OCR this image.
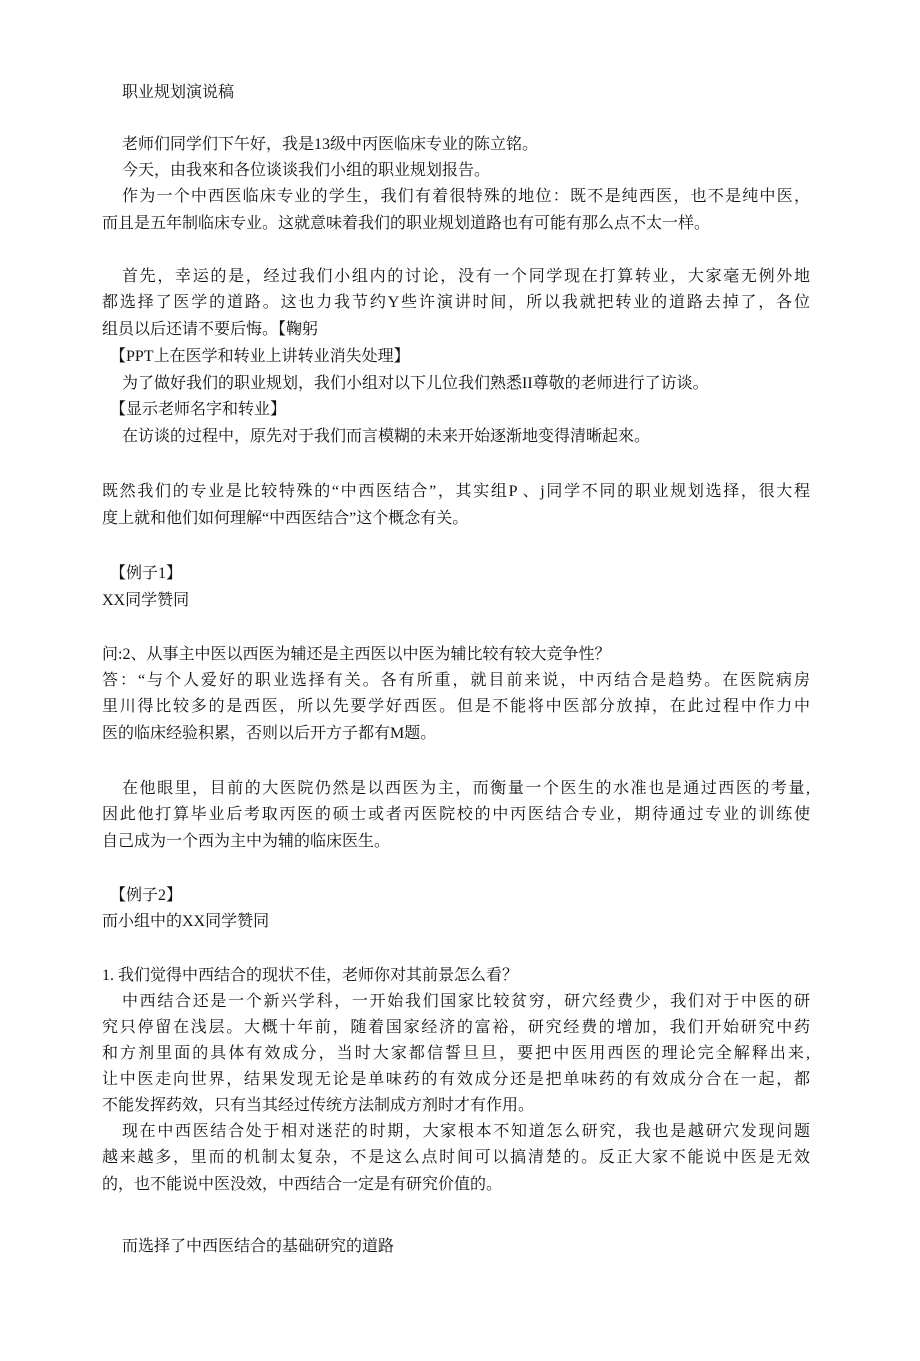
职业规划演说稿
老师们同学们下午好，我是13级中丙医临床专业的陈立铭。
今天，由我來和各位谈谈我们小组的职业规划报告。
作为一个中西医临床专业的学生，我们有着很特殊的地位：既不是纯西医，也不是纯中医，
而且是五年制临床专业。这就意味着我们的职业规划道路也有可能有那么点不太一样。
首先，幸运的是，经过我们小组内的讨论，没有一个同学现在打算转业，大家毫无例外地
都选择了医学的道路。这也力我节约Y些许演讲时间，所以我就把转业的道路去掉了，各位
组员以后还请不要后悔。【鞠躬
【PPT上在医学和转业上讲转业消失处理】
为了做好我们的职业规划，我们小组对以下儿位我们熟悉II尊敬的老师进行了访谈。
【显示老师名字和转业】
在访谈的过程中，原先对于我们而言模糊的未来开始逐渐地变得清晰起來。
既然我们的专业是比较特殊的“中西医结合”，其实组P 、j同学不同的职业规划选择，很大程
度上就和他们如何理解“中西医结合”这个概念有关。
【例子1】
XX同学赞同
问:2、从事主中医以西医为辅还是主西医以中医为辅比较有较大竞争性？
答：“与个人爱好的职业选择有关。各有所重，就目前来说，中丙结合是趋势。在医院病房
里川得比较多的是西医，所以先要学好西医。但是不能将中医部分放掉，在此过程中作力中
医的临床经验积累，否则以后开方子都有M题。
在他眼里，目前的大医院仍然是以西医为主，而衡量一个医生的水准也是通过西医的考量,
因此他打算毕业后考取丙医的硕士或者丙医院校的中丙医结合专业，期待通过专业的训练使
自己成为一个西为主中为辅的临床医生。
【例子2】
而小组中的XX同学赞同
1. 我们觉得中西结合的现状不佳，老师你对其前景怎么看？
中西结合还是一个新兴学科，一开始我们国家比较贫穷，研穴经费少，我们对于中医的研
究只停留在浅层。大概十年前，随着国家经济的富裕，研究经费的增加，我们开始研究中药
和方剂里面的具体有效成分，当时大家都信誓旦旦，要把中医用西医的理论完全解释出来,
让中医走向世界，结果发现无论是单味药的有效成分还是把单味药的有效成分合在一起，都
不能发挥药效，只有当其经过传统方法制成方剂时才有作用。
现在中西医结合处于相对迷茫的时期，大家根本不知道怎么研究，我也是越研穴发现问题
越来越多，里而的机制太复杂，不是这么点时间可以搞清楚的。反正大家不能说中医是无效
的，也不能说中医没效，中西结合一定是有研究价值的。
而选择了中西医结合的基础研究的道路
